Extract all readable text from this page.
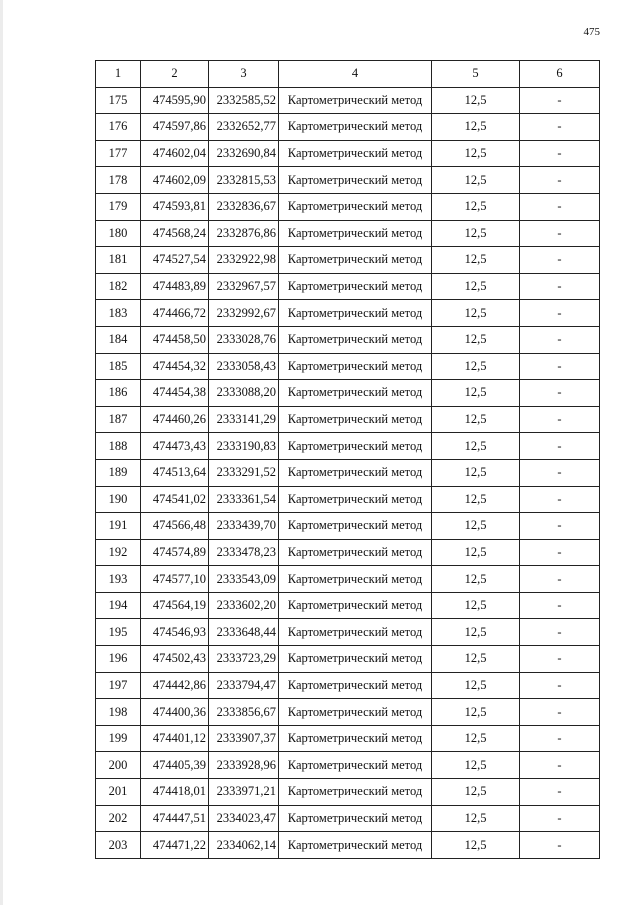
475
1	2	3	4	5	6
175	474595,90	2332585,52	Картометрический метод	12,5	-
176	474597,86	2332652,77	Картометрический метод	12,5	-
177	474602,04	2332690,84	Картометрический метод	12,5	-
178	474602,09	2332815,53	Картометрический метод	12,5	-
179	474593,81	2332836,67	Картометрический метод	12,5	-
180	474568,24	2332876,86	Картометрический метод	12,5	-
181	474527,54	2332922,98	Картометрический метод	12,5	-
182	474483,89	2332967,57	Картометрический метод	12,5	-
183	474466,72	2332992,67	Картометрический метод	12,5	-
184	474458,50	2333028,76	Картометрический метод	12,5	-
185	474454,32	2333058,43	Картометрический метод	12,5	-
186	474454,38	2333088,20	Картометрический метод	12,5	-
187	474460,26	2333141,29	Картометрический метод	12,5	-
188	474473,43	2333190,83	Картометрический метод	12,5	-
189	474513,64	2333291,52	Картометрический метод	12,5	-
190	474541,02	2333361,54	Картометрический метод	12,5	-
191	474566,48	2333439,70	Картометрический метод	12,5	-
192	474574,89	2333478,23	Картометрический метод	12,5	-
193	474577,10	2333543,09	Картометрический метод	12,5	-
194	474564,19	2333602,20	Картометрический метод	12,5	-
195	474546,93	2333648,44	Картометрический метод	12,5	-
196	474502,43	2333723,29	Картометрический метод	12,5	-
197	474442,86	2333794,47	Картометрический метод	12,5	-
198	474400,36	2333856,67	Картометрический метод	12,5	-
199	474401,12	2333907,37	Картометрический метод	12,5	-
200	474405,39	2333928,96	Картометрический метод	12,5	-
201	474418,01	2333971,21	Картометрический метод	12,5	-
202	474447,51	2334023,47	Картометрический метод	12,5	-
203	474471,22	2334062,14	Картометрический метод	12,5	-
